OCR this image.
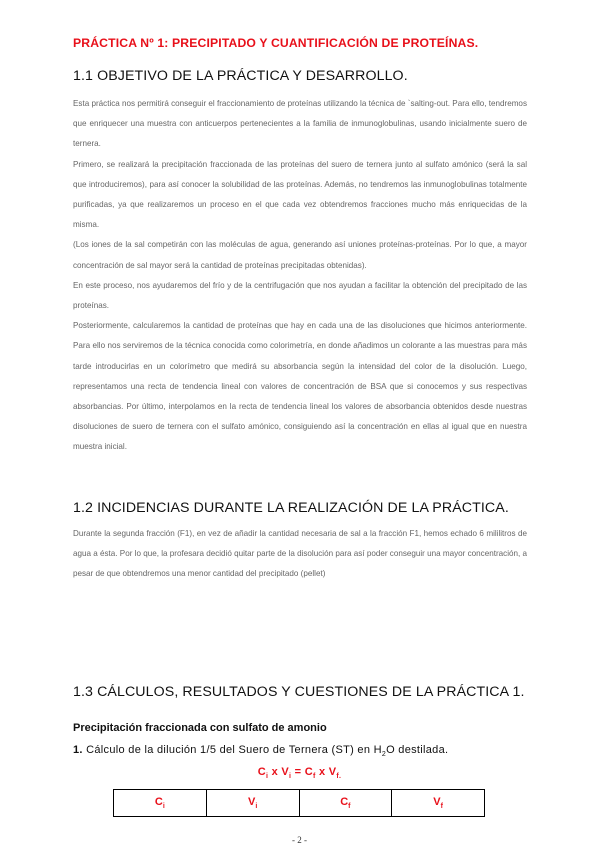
PRÁCTICA Nº 1: PRECIPITADO Y CUANTIFICACIÓN DE PROTEÍNAS.
1.1 OBJETIVO DE LA PRÁCTICA Y DESARROLLO.

Esta práctica nos permitirá conseguir el fraccionamiento de proteínas utilizando la técnica de `salting-out. Para ello, tendremos que enriquecer una muestra con anticuerpos pertenecientes a la familia de inmunoglobulinas, usando inicialmente suero de ternera.

Primero, se realizará la precipitación fraccionada de las proteínas del suero de ternera junto al sulfato amónico (será la sal que introduciremos), para así conocer la solubilidad de las proteínas. Además, no tendremos las inmunoglobulinas totalmente purificadas, ya que realizaremos un proceso en el que cada vez obtendremos fracciones mucho más enriquecidas de la misma.

(Los iones de la sal competirán con las moléculas de agua, generando así uniones proteínas-proteínas. Por lo que, a mayor concentración de sal mayor será la cantidad de proteínas precipitadas obtenidas).

En este proceso, nos ayudaremos del frío y de la centrifugación que nos ayudan a facilitar la obtención del precipitado de las proteínas.

Posteriormente, calcularemos la cantidad de proteínas que hay en cada una de las disoluciones que hicimos anteriormente. Para ello nos serviremos de la técnica conocida como colorimetría, en donde añadimos un colorante a las muestras para más tarde introducirlas en un colorímetro que medirá su absorbancia según la intensidad del color de la disolución. Luego, representamos una recta de tendencia lineal con valores de concentración de BSA que si conocemos y sus respectivas absorbancias. Por último, interpolamos en la recta de tendencia lineal los valores de absorbancia obtenidos desde nuestras disoluciones de suero de ternera con el sulfato amónico, consiguiendo así la concentración en ellas al igual que en nuestra muestra inicial.

1.2 INCIDENCIAS DURANTE LA REALIZACIÓN DE LA PRÁCTICA.

Durante la segunda fracción (F1), en vez de añadir la cantidad necesaria de sal a la fracción F1, hemos echado 6 mililitros de agua a ésta. Por lo que, la profesara decidió quitar parte de la disolución para así poder conseguir una mayor concentración, a pesar de que obtendremos una menor cantidad del precipitado (pellet)

1.3 CÁLCULOS, RESULTADOS Y CUESTIONES DE LA PRÁCTICA 1.
Precipitación fraccionada con sulfato de amonio
1. Cálculo de la dilución 1/5 del Suero de Ternera (ST) en $H_2O$ destilada.
$C_i$ x $V_i = C_f$ x $V_{f.}$
$C_i$	$V_i$	$C_f$	$V_f$
- 2 -
